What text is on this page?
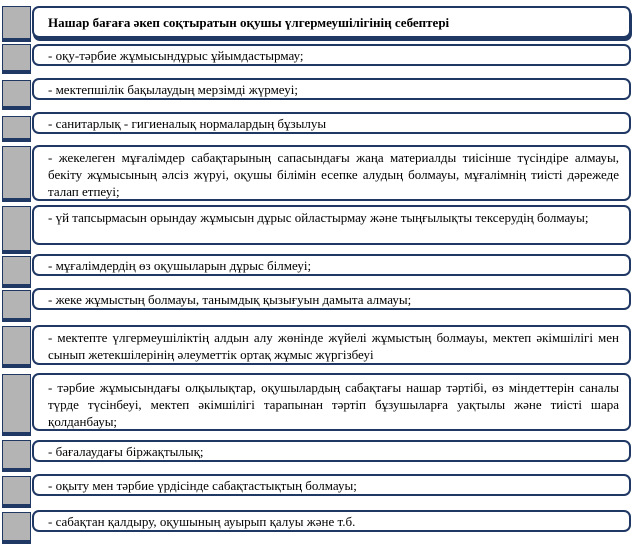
Нашар бағаға әкеп соқтыратын оқушы үлгермеушілігінің себептері
- оқу-тәрбие жұмысындұрыс ұйымдастырмау;
- мектепшілік бақылаудың мерзімді жүрмеуі;
- санитарлық - гигиеналық нормалардың бұзылуы
- жекелеген мұғалімдер сабақтарының сапасындағы жаңа материалды тиісінше түсіндіре алмауы, бекіту жұмысының әлсіз жүруі, оқушы білімін есепке алудың болмауы, мұғалімнің тиісті дәрежеде талап етпеуі;
- үй тапсырмасын орындау жұмысын дұрыс ойластырмау және тыңғылықты тексерудің болмауы;
- мұғалімдердің өз оқушыларын дұрыс білмеуі;
- жеке жұмыстың болмауы, танымдық қызығуын дамыта алмауы;
- мектепте үлгермеушіліктің алдын алу жөнінде жүйелі жұмыстың болмауы, мектеп әкімшілігі мен сынып жетекшілерінің әлеуметтік ортақ жұмыс жүргізбеуі
- тәрбие жұмысындағы олқылықтар, оқушылардың сабақтағы нашар тәртібі, өз міндеттерін саналы түрде түсінбеуі, мектеп әкімшілігі тарапынан тәртіп бұзушыларға уақтылы және тиісті шара қолданбауы;
- бағалаудағы біржақтылық;
- оқыту мен тәрбие үрдісінде сабақтастықтың болмауы;
- сабақтан қалдыру, оқушының ауырып қалуы және т.б.
